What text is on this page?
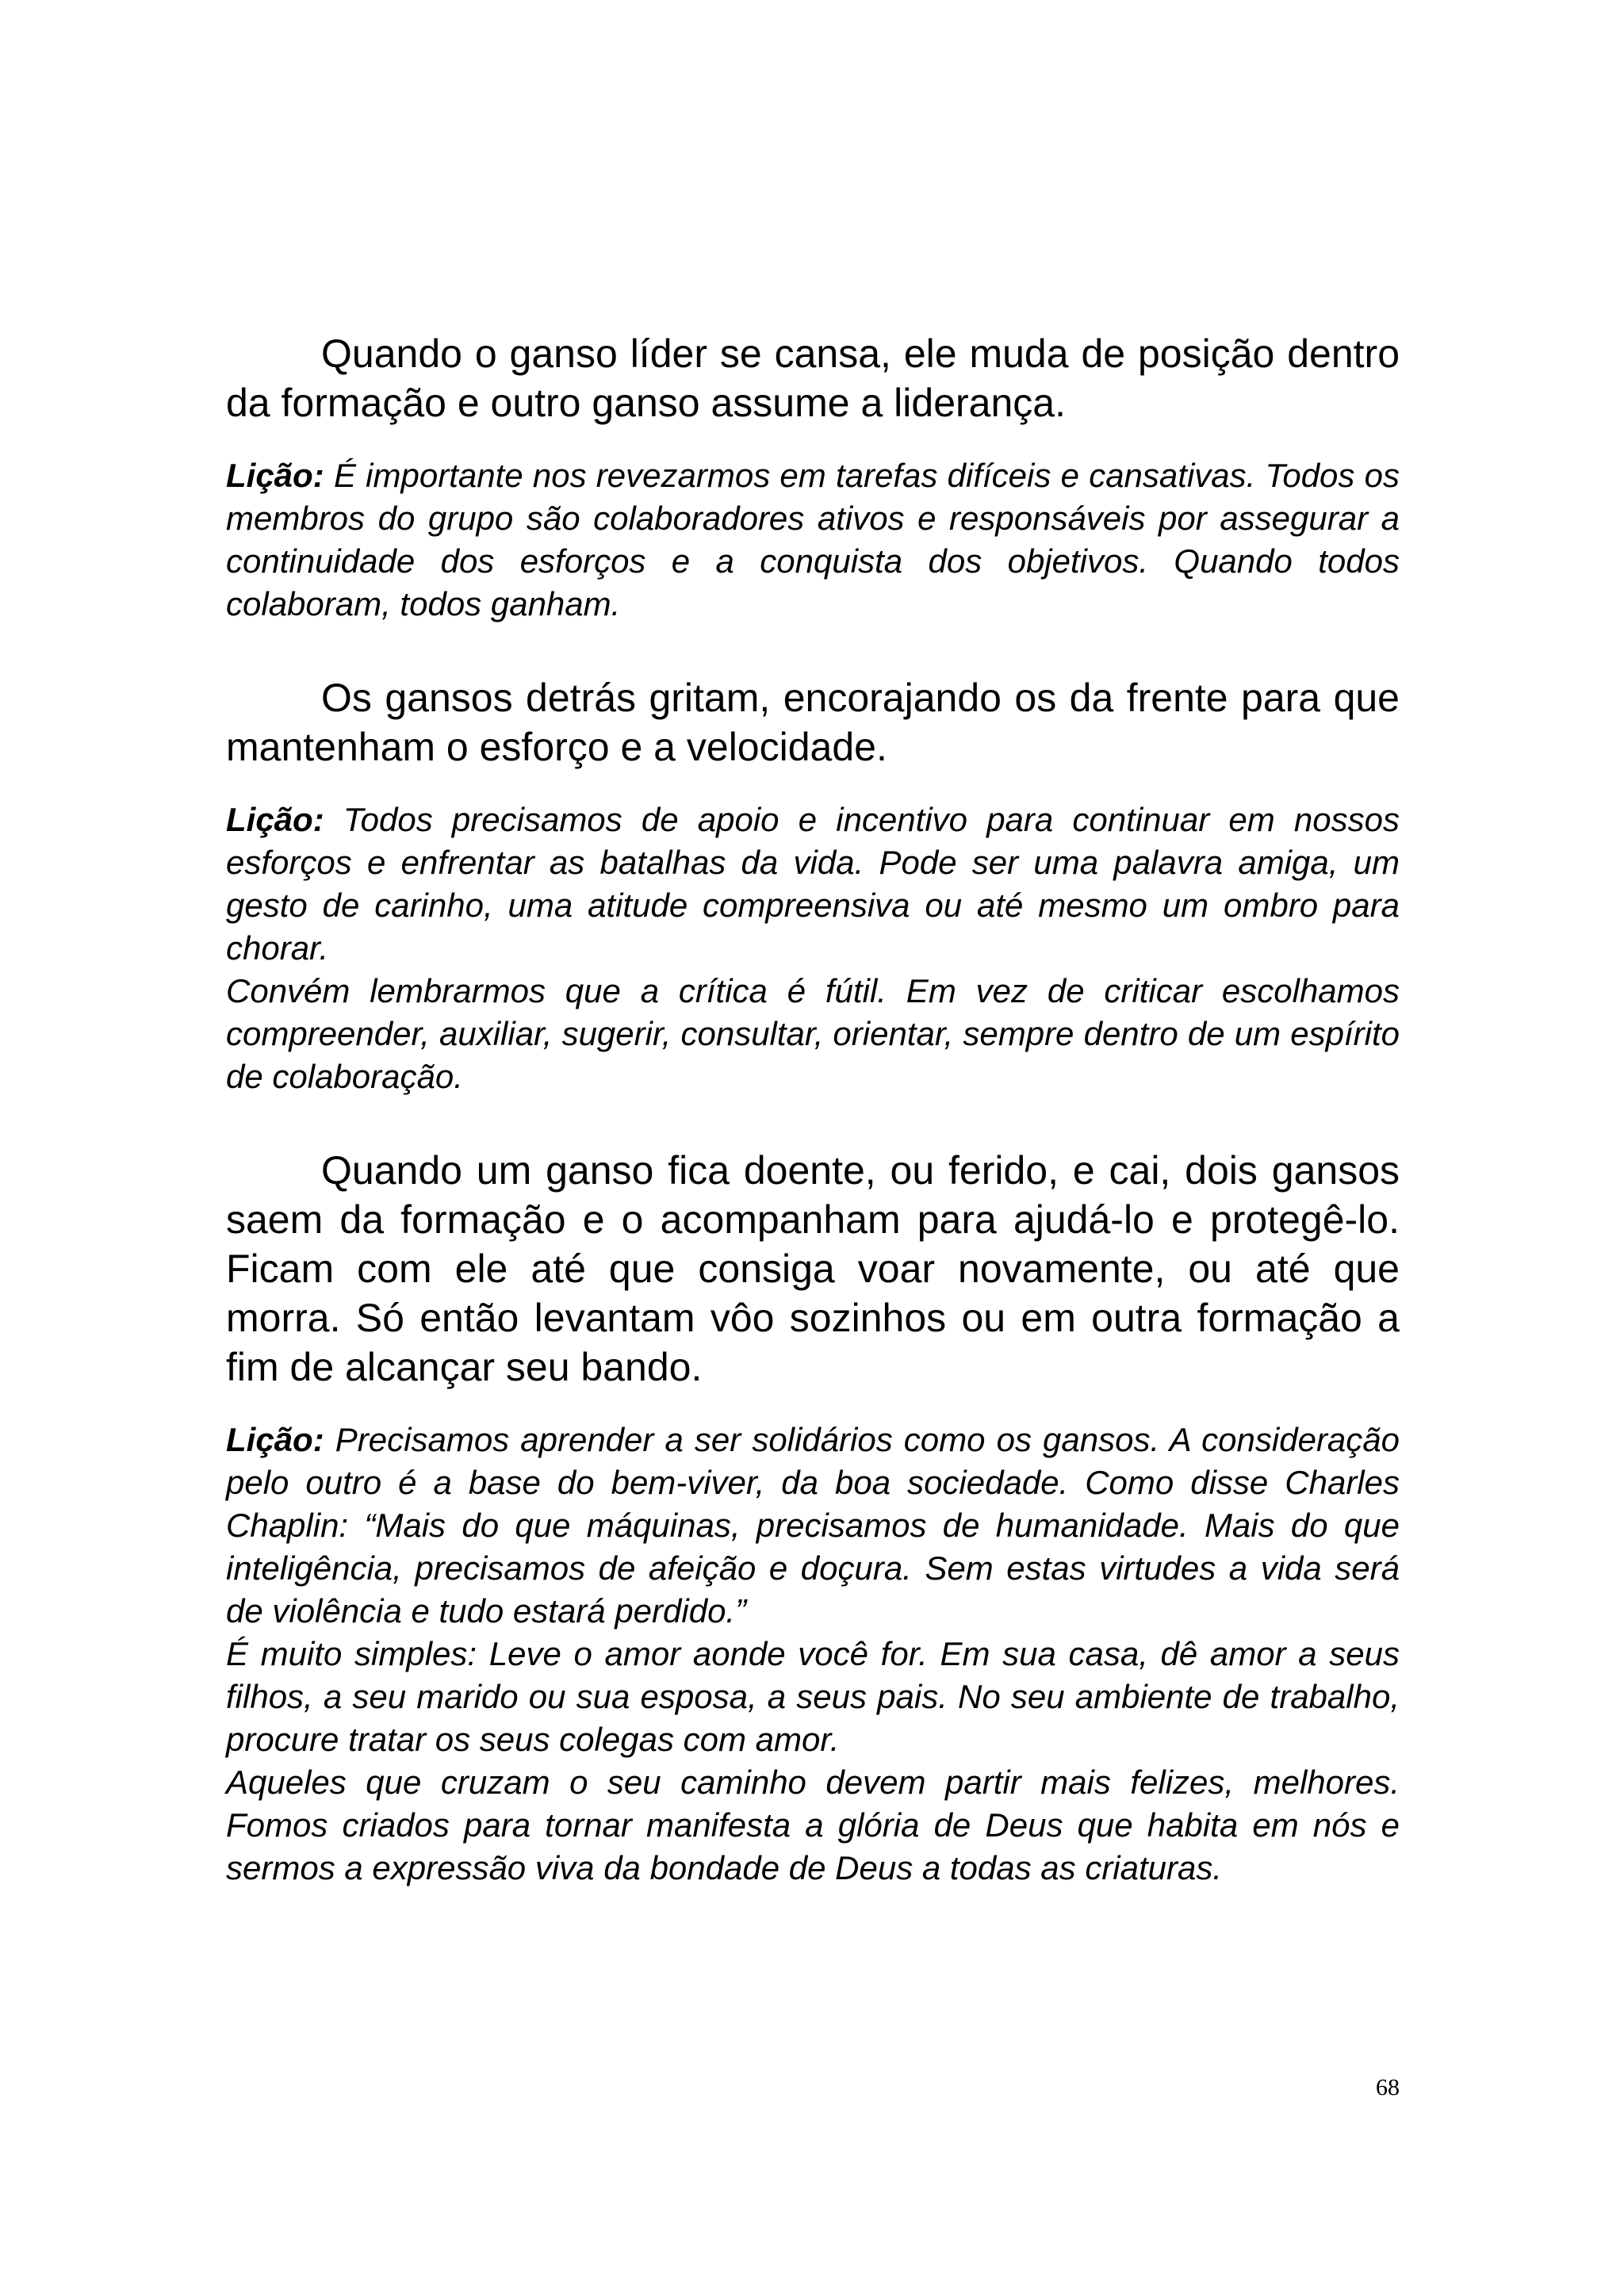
Quando o ganso líder se cansa, ele muda de posição dentro da formação e outro ganso assume a liderança.

Lição: É importante nos revezarmos em tarefas difíceis e cansativas. Todos os membros do grupo são colaboradores ativos e responsáveis por assegurar a continuidade dos esforços e a conquista dos objetivos. Quando todos colaboram, todos ganham.

Os gansos detrás gritam, encorajando os da frente para que mantenham o esforço e a velocidade.

Lição: Todos precisamos de apoio e incentivo para continuar em nossos esforços e enfrentar as batalhas da vida. Pode ser uma palavra amiga, um gesto de carinho, uma atitude compreensiva ou até mesmo um ombro para chorar.

Convém lembrarmos que a crítica é fútil. Em vez de criticar escolhamos compreender, auxiliar, sugerir, consultar, orientar, sempre dentro de um espírito de colaboração.

Quando um ganso fica doente, ou ferido, e cai, dois gansos saem da formação e o acompanham para ajudá-lo e protegê-lo. Ficam com ele até que consiga voar novamente, ou até que morra. Só então levantam vôo sozinhos ou em outra formação a fim de alcançar seu bando.

Lição: Precisamos aprender a ser solidários como os gansos. A consideração pelo outro é a base do bem-viver, da boa sociedade. Como disse Charles Chaplin: “Mais do que máquinas, precisamos de humanidade. Mais do que inteligência, precisamos de afeição e doçura. Sem estas virtudes a vida será de violência e tudo estará perdido.”

É muito simples: Leve o amor aonde você for. Em sua casa, dê amor a seus filhos, a seu marido ou sua esposa, a seus pais. No seu ambiente de trabalho, procure tratar os seus colegas com amor.

Aqueles que cruzam o seu caminho devem partir mais felizes, melhores. Fomos criados para tornar manifesta a glória de Deus que habita em nós e sermos a expressão viva da bondade de Deus a todas as criaturas.

68
